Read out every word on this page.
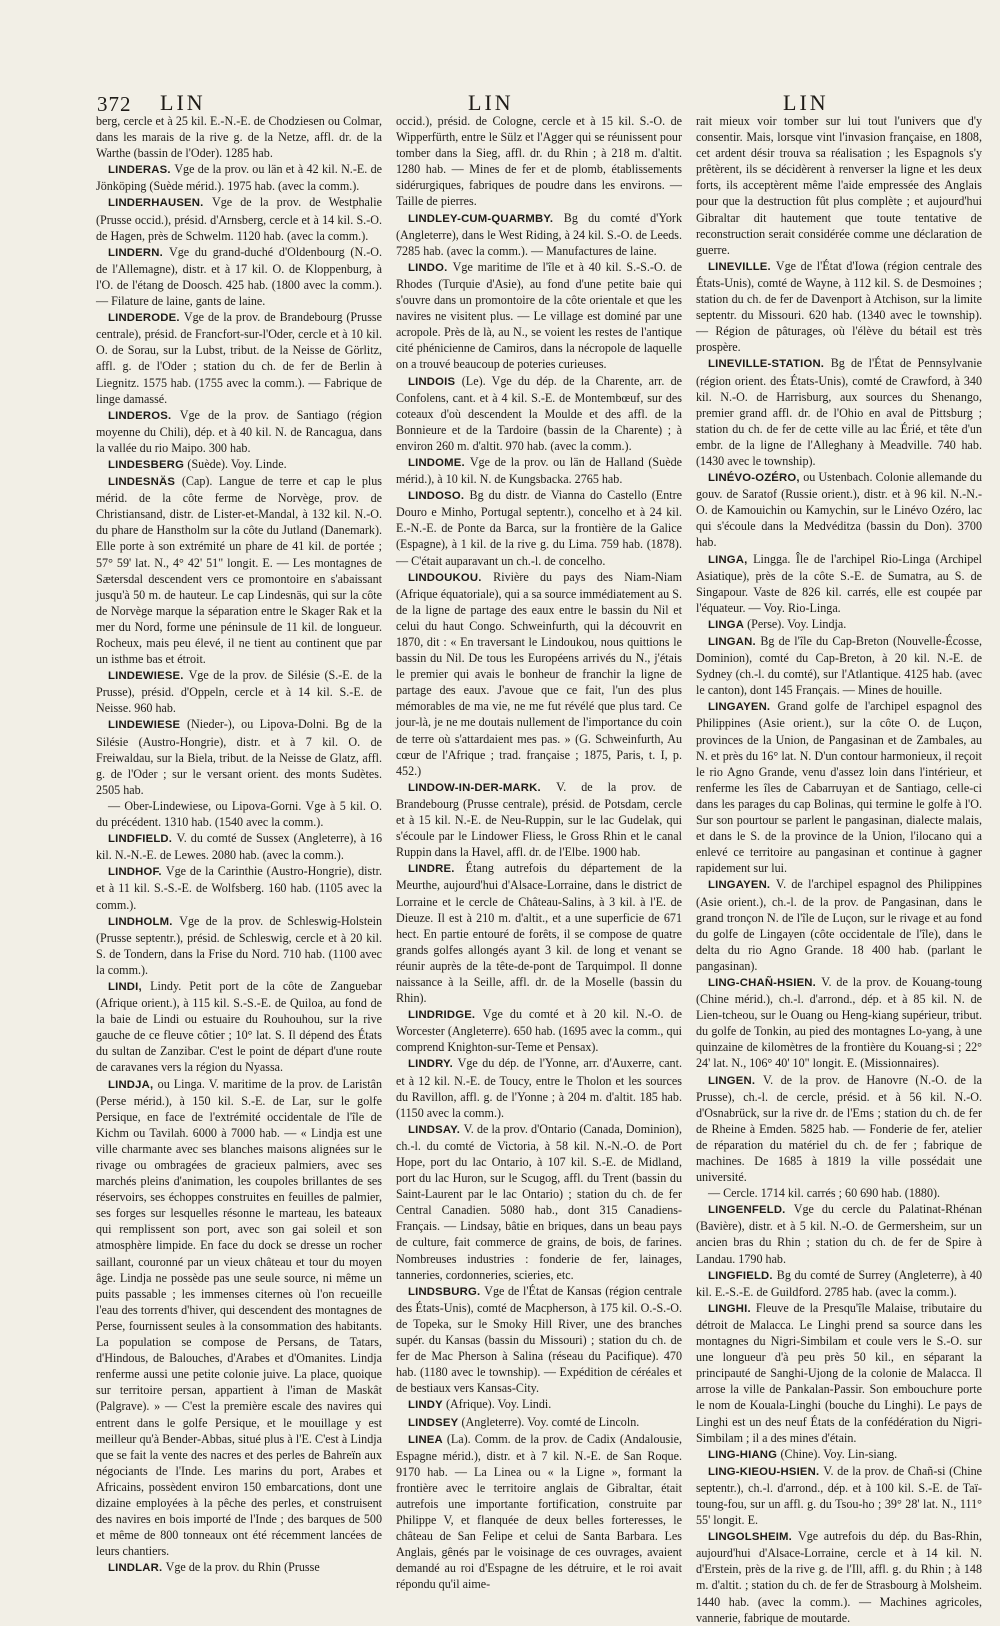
372 LIN	LIN	LIN

berg, cercle et à 25 kil. E.-N.-E. de Chodziesen ou Colmar, dans les marais de la rive g. de la Netze, affl. dr. de la Warthe (bassin de l'Oder). 1285 hab.

LINDERAS. Vge de la prov. ou län et à 42 kil. N.-E. de Jönköping (Suède mérid.). 1975 hab. (avec la comm.).

LINDERHAUSEN. Vge de la prov. de Westphalie (Prusse occid.), présid. d'Arnsberg, cercle et à 14 kil. S.-O. de Hagen, près de Schwelm. 1120 hab. (avec la comm.).

LINDERN. Vge du grand-duché d'Oldenbourg (N.-O. de l'Allemagne), distr. et à 17 kil. O. de Kloppenburg, à l'O. de l'étang de Doosch. 425 hab. (1800 avec la comm.). — Filature de laine, gants de laine.

LINDERODE. Vge de la prov. de Brandebourg (Prusse centrale), présid. de Francfort-sur-l'Oder, cercle et à 10 kil. O. de Sorau, sur la Lubst, tribut. de la Neisse de Görlitz, affl. g. de l'Oder ; station du ch. de fer de Berlin à Liegnitz. 1575 hab. (1755 avec la comm.). — Fabrique de linge damassé.

LINDEROS. Vge de la prov. de Santiago (région moyenne du Chili), dép. et à 40 kil. N. de Rancagua, dans la vallée du rio Maipo. 300 hab.

LINDESBERG (Suède). Voy. Linde.

LINDESNÄS (Cap). Langue de terre et cap le plus mérid. de la côte ferme de Norvège, prov. de Christiansand, distr. de Lister-et-Mandal, à 132 kil. N.-O. du phare de Hanstholm sur la côte du Jutland (Danemark). Elle porte à son extrémité un phare de 41 kil. de portée ; 57° 59' lat. N., 4° 42' 51" longit. E. — Les montagnes de Sætersdal descendent vers ce promontoire en s'abaissant jusqu'à 50 m. de hauteur. Le cap Lindesnäs, qui sur la côte de Norvège marque la séparation entre le Skager Rak et la mer du Nord, forme une péninsule de 11 kil. de longueur. Rocheux, mais peu élevé, il ne tient au continent que par un isthme bas et étroit.

LINDEWIESE. Vge de la prov. de Silésie (S.-E. de la Prusse), présid. d'Oppeln, cercle et à 14 kil. S.-E. de Neisse. 960 hab.

LINDEWIESE (Nieder-), ou Lipova-Dolni. Bg de la Silésie (Austro-Hongrie), distr. et à 7 kil. O. de Freiwaldau, sur la Biela, tribut. de la Neisse de Glatz, affl. g. de l'Oder ; sur le versant orient. des monts Sudètes. 2505 hab.

— Ober-Lindewiese, ou Lipova-Gorni. Vge à 5 kil. O. du précédent. 1310 hab. (1540 avec la comm.).

LINDFIELD. V. du comté de Sussex (Angleterre), à 16 kil. N.-N.-E. de Lewes. 2080 hab. (avec la comm.).

LINDHOF. Vge de la Carinthie (Austro-Hongrie), distr. et à 11 kil. S.-S.-E. de Wolfsberg. 160 hab. (1105 avec la comm.).

LINDHOLM. Vge de la prov. de Schleswig-Holstein (Prusse septentr.), présid. de Schleswig, cercle et à 20 kil. S. de Tondern, dans la Frise du Nord. 710 hab. (1100 avec la comm.).

LINDI, Lindy. Petit port de la côte de Zanguebar (Afrique orient.), à 115 kil. S.-S.-E. de Quiloa, au fond de la baie de Lindi ou estuaire du Rouhouhou, sur la rive gauche de ce fleuve côtier ; 10° lat. S. Il dépend des États du sultan de Zanzibar. C'est le point de départ d'une route de caravanes vers la région du Nyassa.

LINDJA, ou Linga. V. maritime de la prov. de Laristân (Perse mérid.), à 150 kil. S.-E. de Lar, sur le golfe Persique, en face de l'extrémité occidentale de l'île de Kichm ou Tavilah. 6000 à 7000 hab. — « Lindja est une ville charmante avec ses blanches maisons alignées sur le rivage ou ombragées de gracieux palmiers, avec ses marchés pleins d'animation, les coupoles brillantes de ses réservoirs, ses échoppes construites en feuilles de palmier, ses forges sur lesquelles résonne le marteau, les bateaux qui remplissent son port, avec son gai soleil et son atmosphère limpide. En face du dock se dresse un rocher saillant, couronné par un vieux château et tour du moyen âge. Lindja ne possède pas une seule source, ni même un puits passable ; les immenses citernes où l'on recueille l'eau des torrents d'hiver, qui descendent des montagnes de Perse, fournissent seules à la consommation des habitants. La population se compose de Persans, de Tatars, d'Hindous, de Balouches, d'Arabes et d'Omanites. Lindja renferme aussi une petite colonie juive. La place, quoique sur territoire persan, appartient à l'iman de Maskât (Palgrave). » — C'est la première escale des navires qui entrent dans le golfe Persique, et le mouillage y est meilleur qu'à Bender-Abbas, situé plus à l'E. C'est à Lindja que se fait la vente des nacres et des perles de Bahreïn aux négociants de l'Inde. Les marins du port, Arabes et Africains, possèdent environ 150 embarcations, dont une dizaine employées à la pêche des perles, et construisent des navires en bois importé de l'Inde ; des barques de 500 et même de 800 tonneaux ont été récemment lancées de leurs chantiers.

LINDLAR. Vge de la prov. du Rhin (Prusse

occid.), présid. de Cologne, cercle et à 15 kil. S.-O. de Wipperfürth, entre le Sülz et l'Agger qui se réunissent pour tomber dans la Sieg, affl. dr. du Rhin ; à 218 m. d'altit. 1280 hab. — Mines de fer et de plomb, établissements sidérurgiques, fabriques de poudre dans les environs. — Taille de pierres.

LINDLEY-CUM-QUARMBY. Bg du comté d'York (Angleterre), dans le West Riding, à 24 kil. S.-O. de Leeds. 7285 hab. (avec la comm.). — Manufactures de laine.

LINDO. Vge maritime de l'île et à 40 kil. S.-S.-O. de Rhodes (Turquie d'Asie), au fond d'une petite baie qui s'ouvre dans un promontoire de la côte orientale et que les navires ne visitent plus. — Le village est dominé par une acropole. Près de là, au N., se voient les restes de l'antique cité phénicienne de Camiros, dans la nécropole de laquelle on a trouvé beaucoup de poteries curieuses.

LINDOIS (Le). Vge du dép. de la Charente, arr. de Confolens, cant. et à 4 kil. S.-E. de Montembœuf, sur des coteaux d'où descendent la Moulde et des affl. de la Bonnieure et de la Tardoire (bassin de la Charente) ; à environ 260 m. d'altit. 970 hab. (avec la comm.).

LINDOME. Vge de la prov. ou län de Halland (Suède mérid.), à 10 kil. N. de Kungsbacka. 2765 hab.

LINDOSO. Bg du distr. de Vianna do Castello (Entre Douro e Minho, Portugal septentr.), concelho et à 24 kil. E.-N.-E. de Ponte da Barca, sur la frontière de la Galice (Espagne), à 1 kil. de la rive g. du Lima. 759 hab. (1878). — C'était auparavant un ch.-l. de concelho.

LINDOUKOU. Rivière du pays des Niam-Niam (Afrique équatoriale), qui a sa source immédiatement au S. de la ligne de partage des eaux entre le bassin du Nil et celui du haut Congo. Schweinfurth, qui la découvrit en 1870, dit : « En traversant le Lindoukou, nous quittions le bassin du Nil. De tous les Européens arrivés du N., j'étais le premier qui avais le bonheur de franchir la ligne de partage des eaux. J'avoue que ce fait, l'un des plus mémorables de ma vie, ne me fut révélé que plus tard. Ce jour-là, je ne me doutais nullement de l'importance du coin de terre où s'attardaient mes pas. » (G. Schweinfurth, Au cœur de l'Afrique ; trad. française ; 1875, Paris, t. I, p. 452.)

LINDOW-IN-DER-MARK. V. de la prov. de Brandebourg (Prusse centrale), présid. de Potsdam, cercle et à 15 kil. N.-E. de Neu-Ruppin, sur le lac Gudelak, qui s'écoule par le Lindower Fliess, le Gross Rhin et le canal Ruppin dans la Havel, affl. dr. de l'Elbe. 1900 hab.

LINDRE. Étang autrefois du département de la Meurthe, aujourd'hui d'Alsace-Lorraine, dans le district de Lorraine et le cercle de Château-Salins, à 3 kil. à l'E. de Dieuze. Il est à 210 m. d'altit., et a une superficie de 671 hect. En partie entouré de forêts, il se compose de quatre grands golfes allongés ayant 3 kil. de long et venant se réunir auprès de la tête-de-pont de Tarquimpol. Il donne naissance à la Seille, affl. dr. de la Moselle (bassin du Rhin).

LINDRIDGE. Vge du comté et à 20 kil. N.-O. de Worcester (Angleterre). 650 hab. (1695 avec la comm., qui comprend Knighton-sur-Teme et Pensax).

LINDRY. Vge du dép. de l'Yonne, arr. d'Auxerre, cant. et à 12 kil. N.-E. de Toucy, entre le Tholon et les sources du Ravillon, affl. g. de l'Yonne ; à 204 m. d'altit. 185 hab. (1150 avec la comm.).

LINDSAY. V. de la prov. d'Ontario (Canada, Dominion), ch.-l. du comté de Victoria, à 58 kil. N.-N.-O. de Port Hope, port du lac Ontario, à 107 kil. S.-E. de Midland, port du lac Huron, sur le Scugog, affl. du Trent (bassin du Saint-Laurent par le lac Ontario) ; station du ch. de fer Central Canadien. 5080 hab., dont 315 Canadiens-Français. — Lindsay, bâtie en briques, dans un beau pays de culture, fait commerce de grains, de bois, de farines. Nombreuses industries : fonderie de fer, lainages, tanneries, cordonneries, scieries, etc.

LINDSBURG. Vge de l'État de Kansas (région centrale des États-Unis), comté de Macpherson, à 175 kil. O.-S.-O. de Topeka, sur le Smoky Hill River, une des branches supér. du Kansas (bassin du Missouri) ; station du ch. de fer de Mac Pherson à Salina (réseau du Pacifique). 470 hab. (1180 avec le township). — Expédition de céréales et de bestiaux vers Kansas-City.

LINDY (Afrique). Voy. Lindi.

LINDSEY (Angleterre). Voy. comté de Lincoln.

LINEA (La). Comm. de la prov. de Cadix (Andalousie, Espagne mérid.), distr. et à 7 kil. N.-E. de San Roque. 9170 hab. — La Linea ou « la Ligne », formant la frontière avec le territoire anglais de Gibraltar, était autrefois une importante fortification, construite par Philippe V, et flanquée de deux belles forteresses, le château de San Felipe et celui de Santa Barbara. Les Anglais, gênés par le voisinage de ces ouvrages, avaient demandé au roi d'Espagne de les détruire, et le roi avait répondu qu'il aime-

rait mieux voir tomber sur lui tout l'univers que d'y consentir. Mais, lorsque vint l'invasion française, en 1808, cet ardent désir trouva sa réalisation ; les Espagnols s'y prêtèrent, ils se décidèrent à renverser la ligne et les deux forts, ils acceptèrent même l'aide empressée des Anglais pour que la destruction fût plus complète ; et aujourd'hui Gibraltar dit hautement que toute tentative de reconstruction serait considérée comme une déclaration de guerre.

LINEVILLE. Vge de l'État d'Iowa (région centrale des États-Unis), comté de Wayne, à 112 kil. S. de Desmoines ; station du ch. de fer de Davenport à Atchison, sur la limite septentr. du Missouri. 620 hab. (1340 avec le township). — Région de pâturages, où l'élève du bétail est très prospère.

LINEVILLE-STATION. Bg de l'État de Pennsylvanie (région orient. des États-Unis), comté de Crawford, à 340 kil. N.-O. de Harrisburg, aux sources du Shenango, premier grand affl. dr. de l'Ohio en aval de Pittsburg ; station du ch. de fer de cette ville au lac Érié, et tête d'un embr. de la ligne de l'Alleghany à Meadville. 740 hab. (1430 avec le township).

LINÉVO-OZÉRO, ou Ustenbach. Colonie allemande du gouv. de Saratof (Russie orient.), distr. et à 96 kil. N.-N.-O. de Kamouichin ou Kamychin, sur le Linévo Ozéro, lac qui s'écoule dans la Medvéditza (bassin du Don). 3700 hab.

LINGA, Lingga. Île de l'archipel Rio-Linga (Archipel Asiatique), près de la côte S.-E. de Sumatra, au S. de Singapour. Vaste de 826 kil. carrés, elle est coupée par l'équateur. — Voy. Rio-Linga.

LINGA (Perse). Voy. Lindja.

LINGAN. Bg de l'île du Cap-Breton (Nouvelle-Écosse, Dominion), comté du Cap-Breton, à 20 kil. N.-E. de Sydney (ch.-l. du comté), sur l'Atlantique. 4125 hab. (avec le canton), dont 145 Français. — Mines de houille.

LINGAYEN. Grand golfe de l'archipel espagnol des Philippines (Asie orient.), sur la côte O. de Luçon, provinces de la Union, de Pangasinan et de Zambales, au N. et près du 16° lat. N. D'un contour harmonieux, il reçoit le rio Agno Grande, venu d'assez loin dans l'intérieur, et renferme les îles de Cabarruyan et de Santiago, celle-ci dans les parages du cap Bolinas, qui termine le golfe à l'O. Sur son pourtour se parlent le pangasinan, dialecte malais, et dans le S. de la province de la Union, l'ilocano qui a enlevé ce territoire au pangasinan et continue à gagner rapidement sur lui.

LINGAYEN. V. de l'archipel espagnol des Philippines (Asie orient.), ch.-l. de la prov. de Pangasinan, dans le grand tronçon N. de l'île de Luçon, sur le rivage et au fond du golfe de Lingayen (côte occidentale de l'île), dans le delta du rio Agno Grande. 18 400 hab. (parlant le pangasinan).

LING-CHAÑ-HSIEN. V. de la prov. de Kouang-toung (Chine mérid.), ch.-l. d'arrond., dép. et à 85 kil. N. de Lien-tcheou, sur le Ouang ou Heng-kiang supérieur, tribut. du golfe de Tonkin, au pied des montagnes Lo-yang, à une quinzaine de kilomètres de la frontière du Kouang-si ; 22° 24' lat. N., 106° 40' 10" longit. E. (Missionnaires).

LINGEN. V. de la prov. de Hanovre (N.-O. de la Prusse), ch.-l. de cercle, présid. et à 56 kil. N.-O. d'Osnabrück, sur la rive dr. de l'Ems ; station du ch. de fer de Rheine à Emden. 5825 hab. — Fonderie de fer, atelier de réparation du matériel du ch. de fer ; fabrique de machines. De 1685 à 1819 la ville possédait une université.

— Cercle. 1714 kil. carrés ; 60 690 hab. (1880).

LINGENFELD. Vge du cercle du Palatinat-Rhénan (Bavière), distr. et à 5 kil. N.-O. de Germersheim, sur un ancien bras du Rhin ; station du ch. de fer de Spire à Landau. 1790 hab.

LINGFIELD. Bg du comté de Surrey (Angleterre), à 40 kil. E.-S.-E. de Guildford. 2785 hab. (avec la comm.).

LINGHI. Fleuve de la Presqu'île Malaise, tributaire du détroit de Malacca. Le Linghi prend sa source dans les montagnes du Nigri-Simbilam et coule vers le S.-O. sur une longueur d'à peu près 50 kil., en séparant la principauté de Sanghi-Ujong de la colonie de Malacca. Il arrose la ville de Pankalan-Passir. Son embouchure porte le nom de Kouala-Linghi (bouche du Linghi). Le pays de Linghi est un des neuf États de la confédération du Nigri-Simbilam ; il a des mines d'étain.

LING-HIANG (Chine). Voy. Lin-siang.

LING-KIEOU-HSIEN. V. de la prov. de Chañ-si (Chine septentr.), ch.-l. d'arrond., dép. et à 100 kil. S.-E. de Taï-toung-fou, sur un affl. g. du Tsou-ho ; 39° 28' lat. N., 111° 55' longit. E.

LINGOLSHEIM. Vge autrefois du dép. du Bas-Rhin, aujourd'hui d'Alsace-Lorraine, cercle et à 14 kil. N. d'Erstein, près de la rive g. de l'Ill, affl. g. du Rhin ; à 148 m. d'altit. ; station du ch. de fer de Strasbourg à Molsheim. 1440 hab. (avec la comm.). — Machines agricoles, vannerie, fabrique de moutarde.
